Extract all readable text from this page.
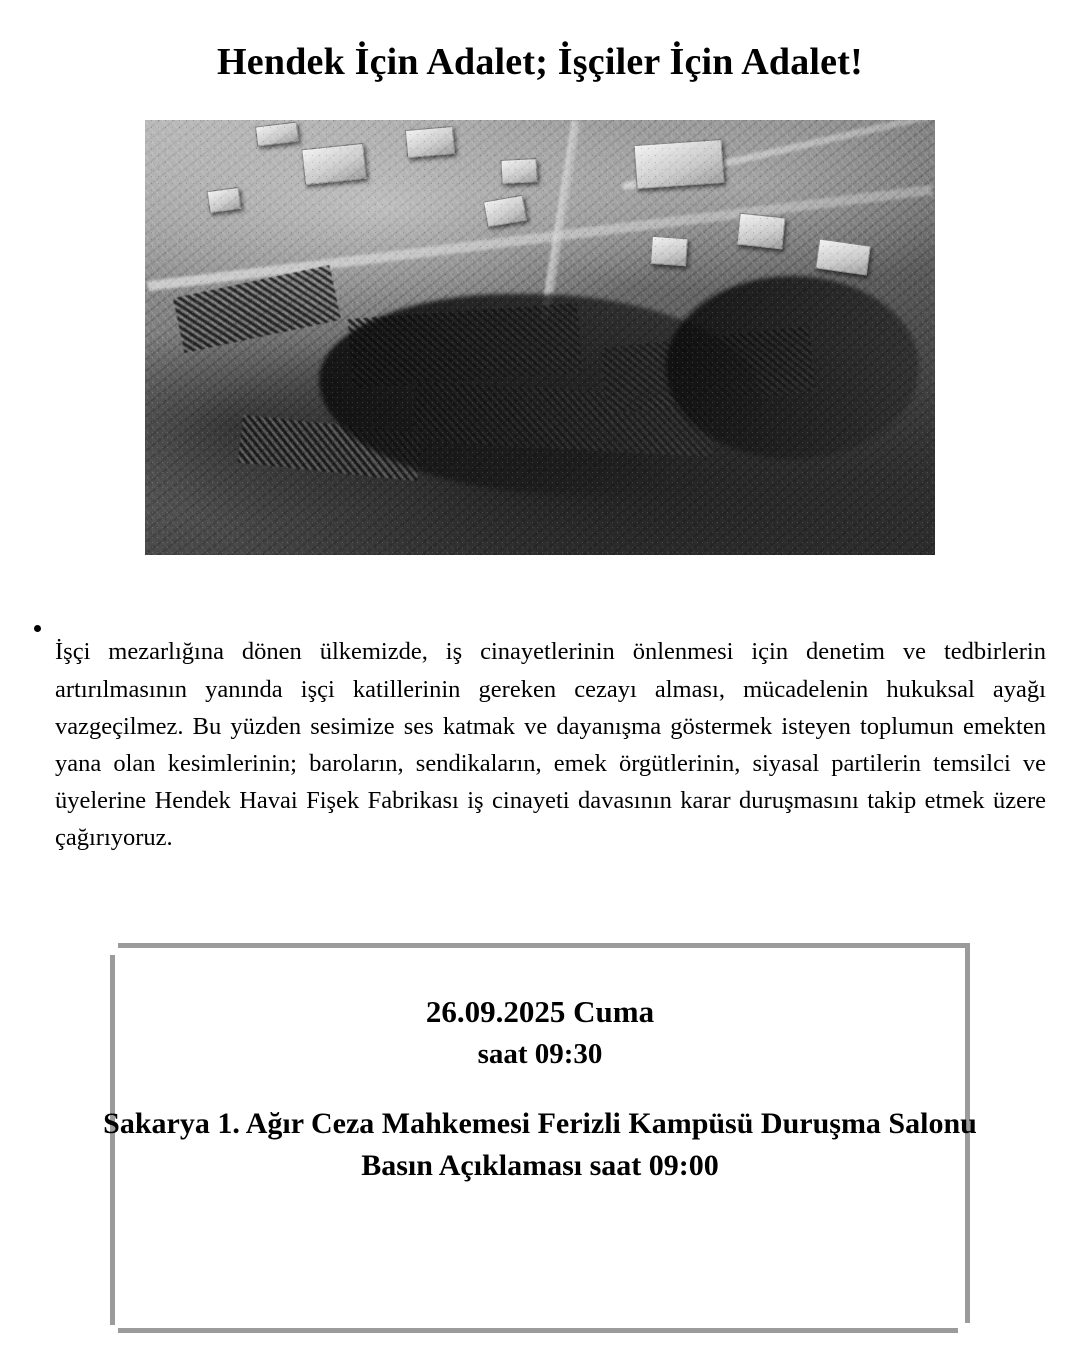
Hendek İçin Adalet; İşçiler İçin Adalet!

İşçi mezarlığına dönen ülkemizde, iş cinayetlerinin önlenmesi için denetim ve tedbirlerin artırılmasının yanında işçi katillerinin gereken cezayı alması, mücadelenin hukuksal ayağı vazgeçilmez. Bu yüzden sesimize ses katmak ve dayanışma göstermek isteyen toplumun emekten yana olan kesimlerinin; baroların, sendikaların, emek örgütlerinin, siyasal partilerin temsilci ve üyelerine Hendek Havai Fişek Fabrikası iş cinayeti davasının karar duruşmasını takip etmek üzere çağırıyoruz.

26.09.2025 Cuma
saat 09:30
Sakarya 1. Ağır Ceza Mahkemesi Ferizli Kampüsü Duruşma Salonu
Basın Açıklaması saat 09:00
